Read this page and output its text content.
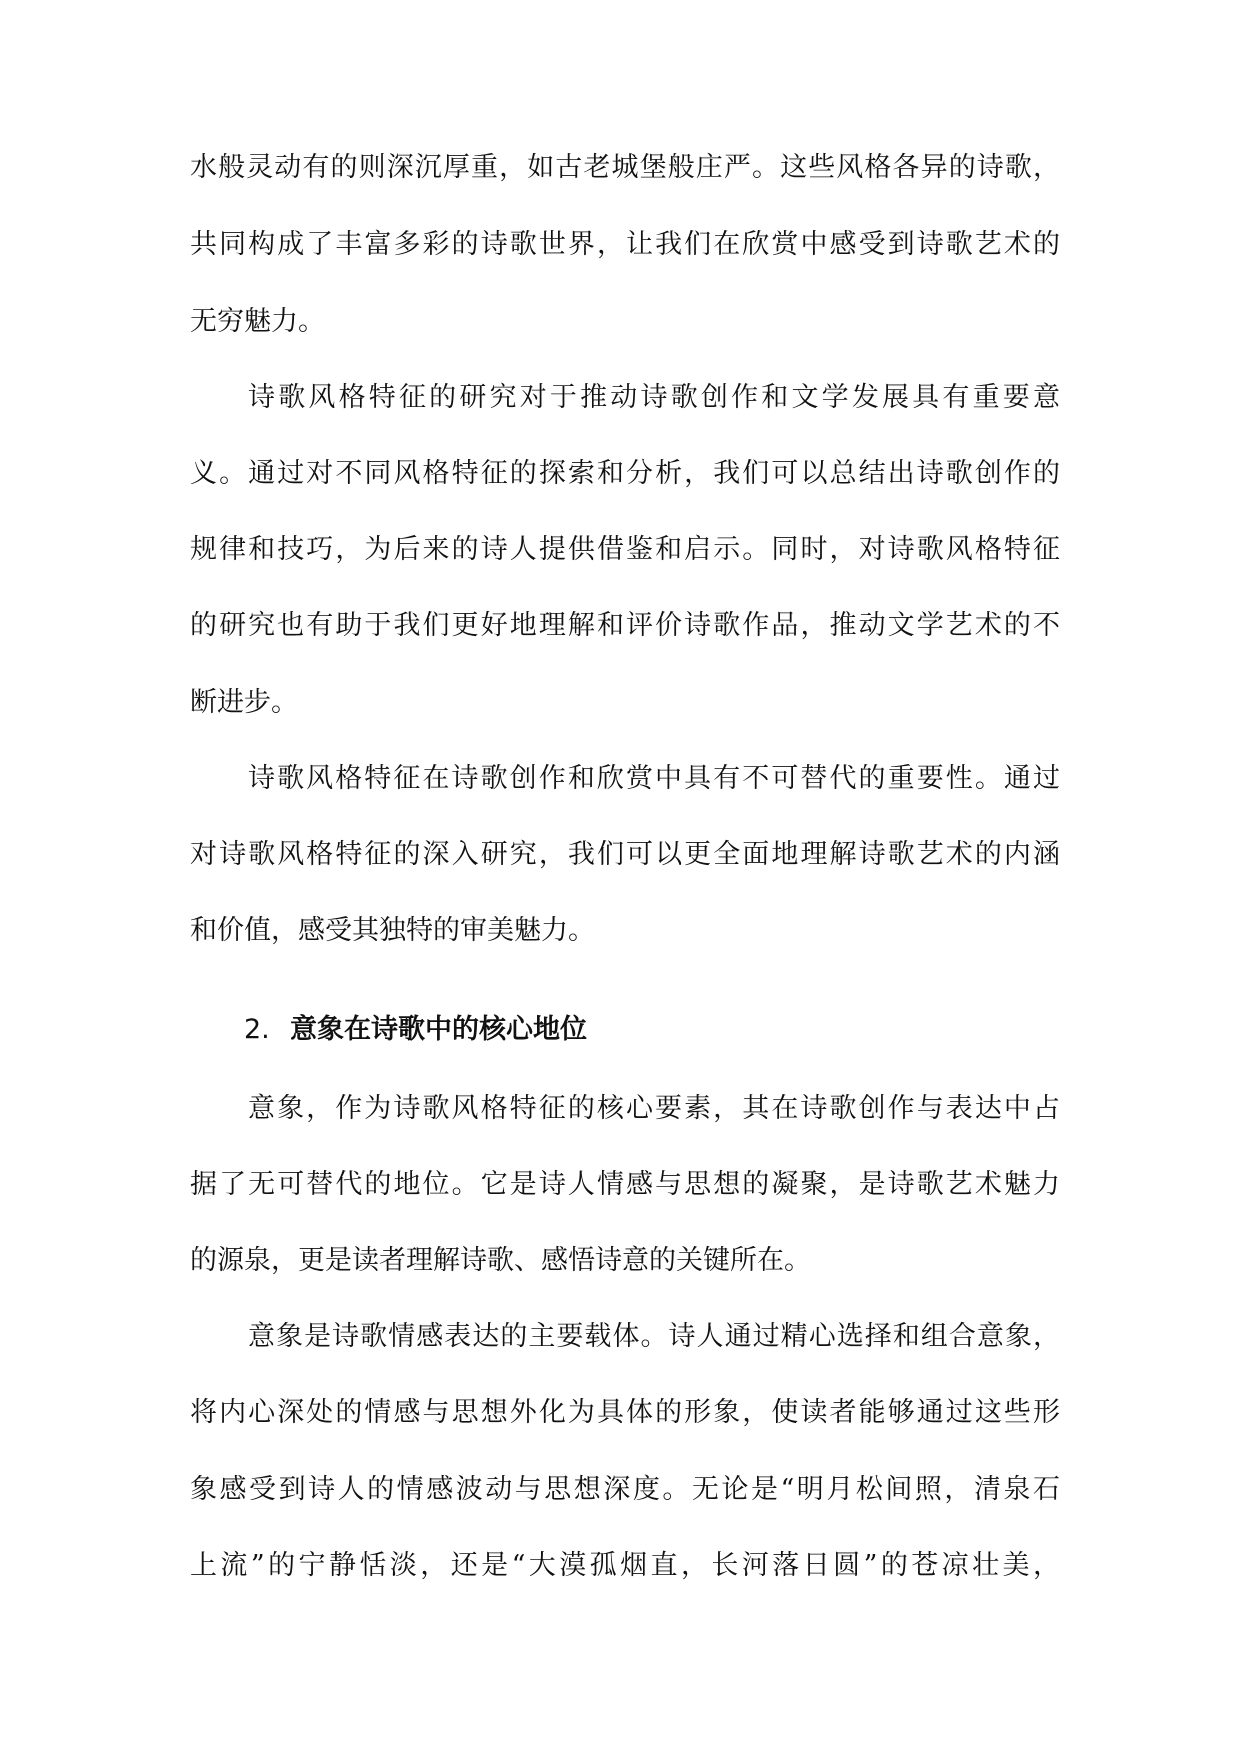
水般灵动有的则深沉厚重，如古老城堡般庄严。这些风格各异的诗歌，
共同构成了丰富多彩的诗歌世界，让我们在欣赏中感受到诗歌艺术的
无穷魅力。
诗歌风格特征的研究对于推动诗歌创作和文学发展具有重要意
义。通过对不同风格特征的探索和分析，我们可以总结出诗歌创作的
规律和技巧，为后来的诗人提供借鉴和启示。同时，对诗歌风格特征
的研究也有助于我们更好地理解和评价诗歌作品，推动文学艺术的不
断进步。
诗歌风格特征在诗歌创作和欣赏中具有不可替代的重要性。通过
对诗歌风格特征的深入研究，我们可以更全面地理解诗歌艺术的内涵
和价值，感受其独特的审美魅力。
2. 意象在诗歌中的核心地位
意象，作为诗歌风格特征的核心要素，其在诗歌创作与表达中占
据了无可替代的地位。它是诗人情感与思想的凝聚，是诗歌艺术魅力
的源泉，更是读者理解诗歌、感悟诗意的关键所在。
意象是诗歌情感表达的主要载体。诗人通过精心选择和组合意象，
将内心深处的情感与思想外化为具体的形象，使读者能够通过这些形
象感受到诗人的情感波动与思想深度。无论是“明月松间照，清泉石
上流”的宁静恬淡，还是“大漠孤烟直，长河落日圆”的苍凉壮美，
